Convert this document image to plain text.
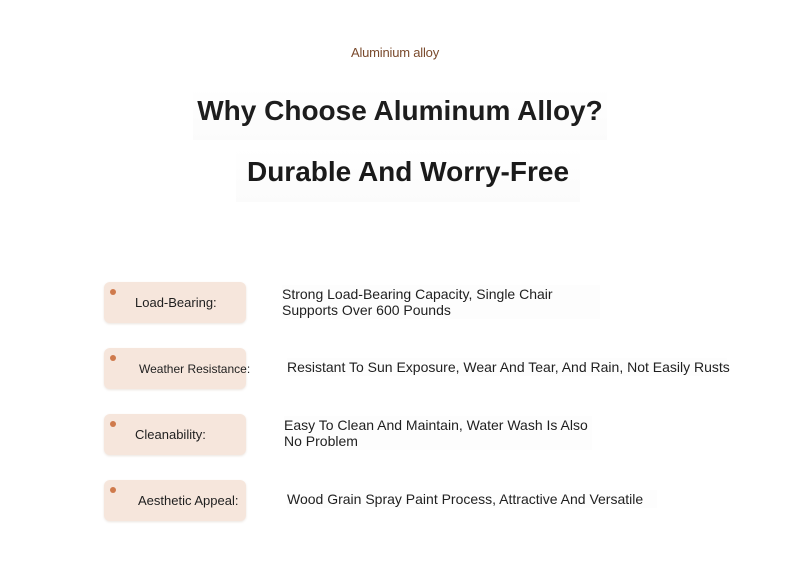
Aluminium alloy
Why Choose Aluminum Alloy?
Durable And Worry-Free
Load-Bearing:
Strong Load-Bearing Capacity, Single Chair Supports Over 600 Pounds
Weather Resistance:	Resistant To Sun Exposure, Wear And Tear, And Rain, Not Easily Rusts
Cleanability:
Easy To Clean And Maintain, Water Wash Is Also No Problem
Aesthetic Appeal:	Wood Grain Spray Paint Process, Attractive And Versatile
